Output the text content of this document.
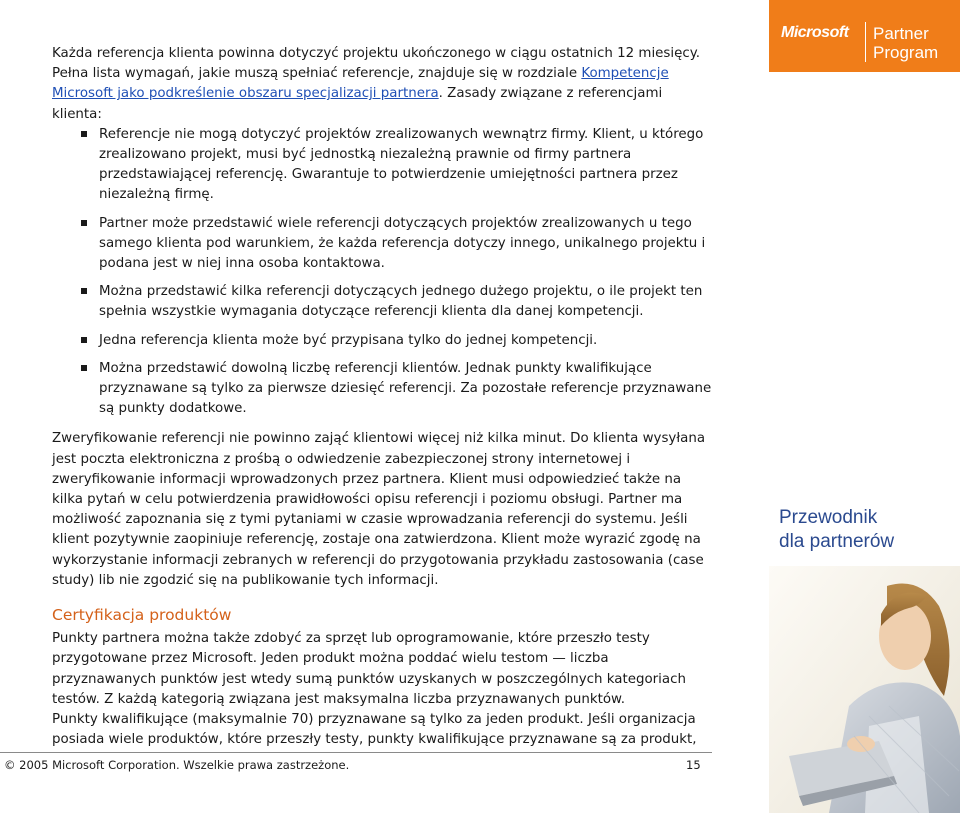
Każda referencja klienta powinna dotyczyć projektu ukończonego w ciągu ostatnich 12 miesięcy. Pełna lista wymagań, jakie muszą spełniać referencje, znajduje się w rozdziale Kompetencje Microsoft jako podkreślenie obszaru specjalizacji partnera. Zasady związane z referencjami klienta:

Referencje nie mogą dotyczyć projektów zrealizowanych wewnątrz firmy. Klient, u którego zrealizowano projekt, musi być jednostką niezależną prawnie od firmy partnera przedstawiającej referencję. Gwarantuje to potwierdzenie umiejętności partnera przez niezależną firmę.
Partner może przedstawić wiele referencji dotyczących projektów zrealizowanych u tego samego klienta pod warunkiem, że każda referencja dotyczy innego, unikalnego projektu i podana jest w niej inna osoba kontaktowa.
Można przedstawić kilka referencji dotyczących jednego dużego projektu, o ile projekt ten spełnia wszystkie wymagania dotyczące referencji klienta dla danej kompetencji.
Jedna referencja klienta może być przypisana tylko do jednej kompetencji.
Można przedstawić dowolną liczbę referencji klientów. Jednak punkty kwalifikujące przyznawane są tylko za pierwsze dziesięć referencji. Za pozostałe referencje przyznawane są punkty dodatkowe.

Zweryfikowanie referencji nie powinno zająć klientowi więcej niż kilka minut. Do klienta wysyłana jest poczta elektroniczna z prośbą o odwiedzenie zabezpieczonej strony internetowej i zweryfikowanie informacji wprowadzonych przez partnera. Klient musi odpowiedzieć także na kilka pytań w celu potwierdzenia prawidłowości opisu referencji i poziomu obsługi. Partner ma możliwość zapoznania się z tymi pytaniami w czasie wprowadzania referencji do systemu. Jeśli klient pozytywnie zaopiniuje referencję, zostaje ona zatwierdzona. Klient może wyrazić zgodę na wykorzystanie informacji zebranych w referencji do przygotowania przykładu zastosowania (case study) lib nie zgodzić się na publikowanie tych informacji.

Certyfikacja produktów

Punkty partnera można także zdobyć za sprzęt lub oprogramowanie, które przeszło testy przygotowane przez Microsoft. Jeden produkt można poddać wielu testom — liczba przyznawanych punktów jest wtedy sumą punktów uzyskanych w poszczególnych kategoriach testów. Z każdą kategorią związana jest maksymalna liczba przyznawanych punktów.

Punkty kwalifikujące (maksymalnie 70) przyznawane są tylko za jeden produkt. Jeśli organizacja posiada wiele produktów, które przeszły testy, punkty kwalifikujące przyznawane są za produkt,

© 2005 Microsoft Corporation. Wszelkie prawa zastrzeżone.	15
Microsoft Partner
Program
Przewodnik
dla partnerów
